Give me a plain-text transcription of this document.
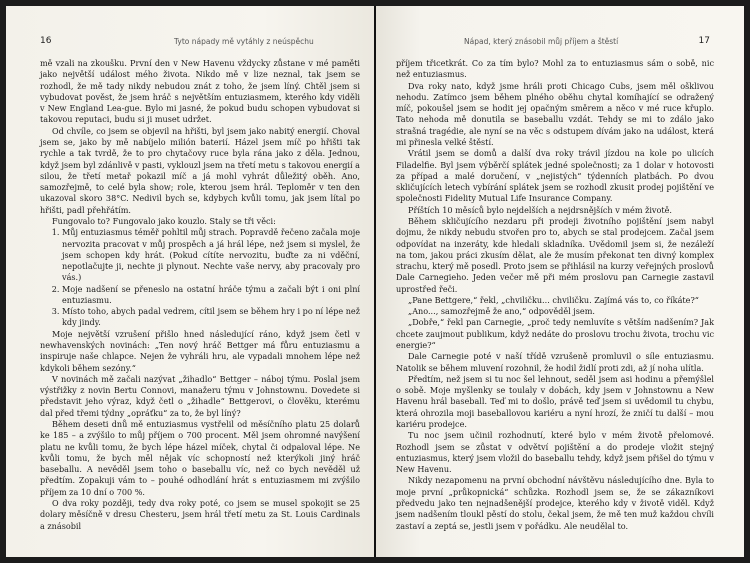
16	Tyto nápady mě vytáhly z neúspěchu

mě vzali na zkoušku. První den v New Havenu vždycky zůstane v mé paměti jako největší událost mého života. Nikdo mě v lize neznal, tak jsem se rozhodl, že mě tady nikdy nebudou znát z toho, že jsem líný. Chtěl jsem si vybudovat pověst, že jsem hráč s největším entuziasmem, kterého kdy viděli v New England Lea-gue. Bylo mi jasné, že pokud budu schopen vybudovat si takovou reputaci, budu si ji muset udržet.

Od chvíle, co jsem se objevil na hřišti, byl jsem jako nabitý energií. Choval jsem se, jako by mě nabíjelo milión baterií. Házel jsem míč po hřišti tak rychle a tak tvrdě, že to pro chytačovy ruce byla rána jako z děla. Jednou, když jsem byl zdánlivě v pasti, vyklouzl jsem na třetí metu s takovou energií a silou, že třetí metař pokazil míč a já mohl vyhrát důležitý oběh. Ano, samozřejmě, to celé byla show; role, kterou jsem hrál. Teploměr v ten den ukazoval skoro 38°C. Nedivil bych se, kdybych kvůli tomu, jak jsem lítal po hřišti, padl přehřátím.

Fungovalo to? Fungovalo jako kouzlo. Staly se tři věci:

1. Můj entuziasmus téměř pohltil můj strach. Popravdě řečeno začala moje nervozita pracovat v můj prospěch a já hrál lépe, než jsem si myslel, že jsem schopen kdy hrát. (Pokud cítíte nervozitu, buďte za ni vděční, nepotlačujte ji, nechte ji plynout. Nechte vaše nervy, aby pracovaly pro vás.)
2. Moje nadšení se přeneslo na ostatní hráče týmu a začali být i oni plní entuziasmu.
3. Místo toho, abych padal vedrem, cítil jsem se během hry i po ní lépe než kdy jindy.

Moje největší vzrušení přišlo hned následující ráno, když jsem četl v newhavenských novinách: „Ten nový hráč Bettger má fůru entuziasmu a inspiruje naše chlapce. Nejen že vyhráli hru, ale vypadali mnohem lépe než kdykoli během sezóny.“

V novinách mě začali nazývat „žihadlo“ Bettger – náboj týmu. Poslal jsem výstřižky z novin Bertu Connovi, manažeru týmu v Johnstownu. Dovedete si představit jeho výraz, když četl o „žihadle“ Bettgerovi, o člověku, kterému dal před třemi týdny „opráťku“ za to, že byl líný?

Během deseti dnů mě entuziasmus vystřelil od měsíčního platu 25 dolarů ke 185 – a zvýšilo to můj příjem o 700 procent. Měl jsem ohromné navýšení platu ne kvůli tomu, že bych lépe házel míček, chytal či odpaloval lépe. Ne kvůli tomu, že bych měl nějak víc schopností než kterýkoli jiný hráč baseballu. A nevěděl jsem toho o baseballu víc, než co bych nevěděl už předtím. Zopakuji vám to – pouhé odhodlání hrát s entuziasmem mi zvýšilo příjem za 10 dní o 700 %.

O dva roky později, tedy dva roky poté, co jsem se musel spokojit se 25 dolary měsíčně v dresu Chesteru, jsem hrál třetí metu za St. Louis Cardinals a znásobil

Nápad, který znásobil můj příjem a štěstí	17

příjem třicetkrát. Co za tím bylo? Mohl za to entuziasmus sám o sobě, nic než entuziasmus.

Dva roky nato, když jsme hráli proti Chicago Cubs, jsem měl ošklivou nehodu. Zatímco jsem během plného oběhu chytal komíhající se odražený míč, pokoušel jsem se hodit jej opačným směrem a něco v mé ruce křuplo. Tato nehoda mě donutila se baseballu vzdát. Tehdy se mi to zdálo jako strašná tragédie, ale nyní se na věc s odstupem dívám jako na událost, která mi přinesla velké štěstí.

Vrátil jsem se domů a další dva roky trávil jízdou na kole po ulicích Filadelfie. Byl jsem výběrčí splátek jedné společnosti; za 1 dolar v hotovosti za případ a malé doručení, v „nejistých“ týdenních platbách. Po dvou skličujících letech vybírání splátek jsem se rozhodl zkusit prodej pojištění ve společnosti Fidelity Mutual Life Insurance Company.

Příštích 10 měsíců bylo nejdelších a nejdrsnějších v mém životě.

Během skličujícího nezdaru při prodeji životního pojištění jsem nabyl dojmu, že nikdy nebudu stvořen pro to, abych se stal prodejcem. Začal jsem odpovídat na inzeráty, kde hledali skladníka. Uvědomil jsem si, že nezáleží na tom, jakou práci zkusím dělat, ale že musím překonat ten divný komplex strachu, který mě posedl. Proto jsem se přihlásil na kurzy veřejných proslovů Dale Carnegieho. Jeden večer mě při mém proslovu pan Carnegie zastavil uprostřed řeči.

„Pane Bettgere,“ řekl, „chviličku... chviličku. Zajímá vás to, co říkáte?“

„Ano..., samozřejmě že ano,“ odpověděl jsem.

„Dobře,“ řekl pan Carnegie, „proč tedy nemluvíte s větším nadšením? Jak chcete zaujmout publikum, když nedáte do proslovu trochu života, trochu vic energie?“

Dale Carnegie poté v naší třídě vzrušeně promluvil o síle entuziasmu. Natolik se během mluvení rozohnil, že hodil židlí proti zdi, až jí noha ulítla.

Předtím, než jsem si tu noc šel lehnout, seděl jsem asi hodinu a přemýšlel o sobě. Moje myšlenky se toulaly v dobách, kdy jsem v Johnstownu a New Havenu hrál baseball. Teď mi to došlo, právě teď jsem si uvědomil tu chybu, která ohrozila moji baseballovou kariéru a nyní hrozí, že zničí tu další – mou kariéru prodejce.

Tu noc jsem učinil rozhodnutí, které bylo v mém životě přelomové. Rozhodl jsem se zůstat v odvětví pojištění a do prodeje vložit stejný entuziasmus, který jsem vložil do baseballu tehdy, když jsem přišel do týmu v New Havenu.

Nikdy nezapomenu na první obchodní návštěvu následujícího dne. Byla to moje první „průkopnická“ schůzka. Rozhodl jsem se, že se zákazníkovi předvedu jako ten nejnadšenější prodejce, kterého kdy v životě viděl. Když jsem nadšením tloukl pěstí do stolu, čekal jsem, že mě ten muž každou chvíli zastaví a zeptá se, jestli jsem v pořádku. Ale neudělal to.
